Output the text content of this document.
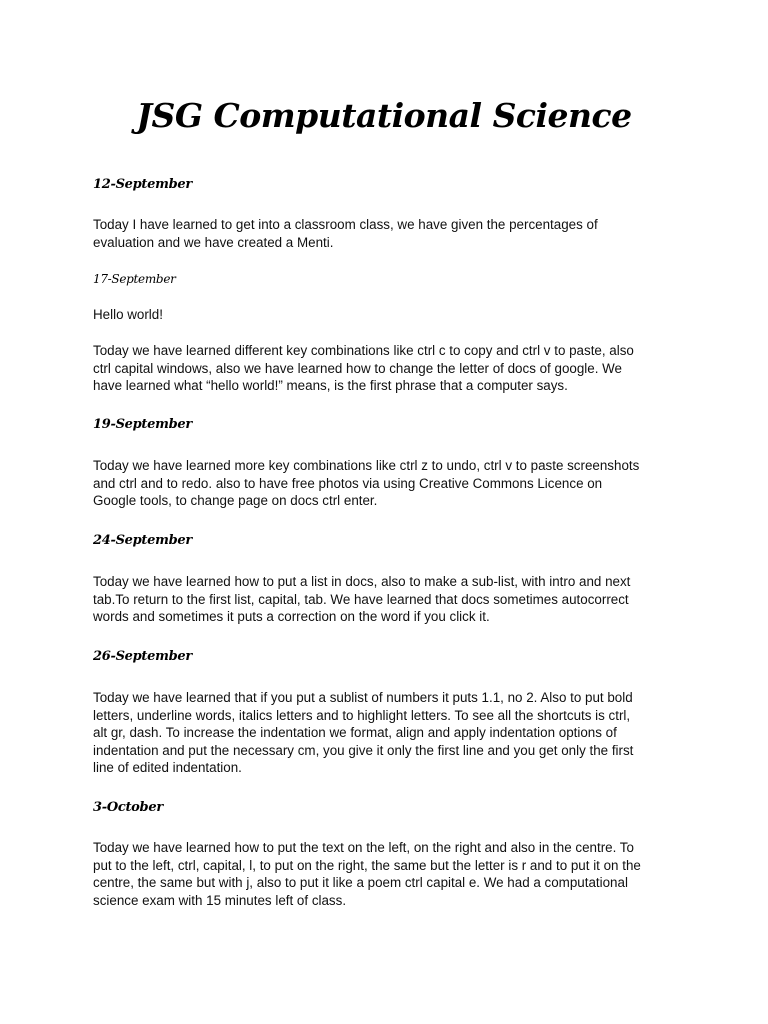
JSG Computational Science

12-September

Today I have learned to get into a classroom class, we have given the percentages of
evaluation and we have created a Menti.

17-September

Hello world!

Today we have learned different key combinations like ctrl c to copy and ctrl v to paste, also
ctrl capital windows, also we have learned how to change the letter of docs of google. We
have learned what “hello world!” means, is the first phrase that a computer says.

19-September

Today we have learned more key combinations like ctrl z to undo, ctrl v to paste screenshots
and ctrl and to redo. also to have free photos via using Creative Commons Licence on
Google tools, to change page on docs ctrl enter.

24-September

Today we have learned how to put a list in docs, also to make a sub-list, with intro and next
tab.To return to the first list, capital, tab. We have learned that docs sometimes autocorrect
words and sometimes it puts a correction on the word if you click it.

26-September

Today we have learned that if you put a sublist of numbers it puts 1.1, no 2. Also to put bold
letters, underline words, italics letters and to highlight letters. To see all the shortcuts is ctrl,
alt gr, dash. To increase the indentation we format, align and apply indentation options of
indentation and put the necessary cm, you give it only the first line and you get only the first
line of edited indentation.

3-October

Today we have learned how to put the text on the left, on the right and also in the centre. To
put to the left, ctrl, capital, l, to put on the right, the same but the letter is r and to put it on the
centre, the same but with j, also to put it like a poem ctrl capital e. We had a computational
science exam with 15 minutes left of class.
